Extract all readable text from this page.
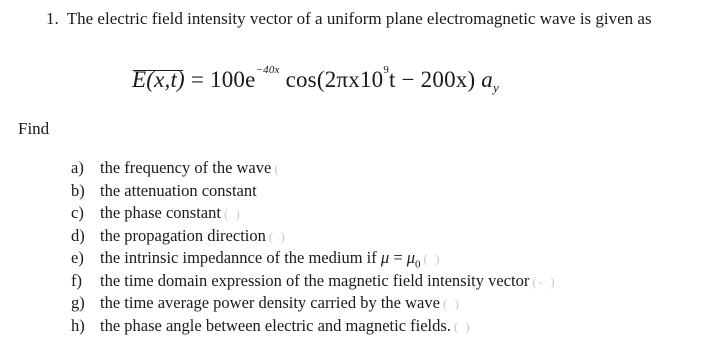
1. The electric field intensity vector of a uniform plane electromagnetic wave is given as
$E(x,t) = 100e^{-40x}$ $\cos(2\pi x10^9t - 200x)$ $a_y$
Find
a) the frequency of the wave (
b) the attenuation constant
c) the phase constant ( )
d) the propagation direction ( )
e) the intrinsic impedannce of the medium if $\mu = \mu_0$ ( )
f) the time domain expression of the magnetic field intensity vector (- )
g) the time average power density carried by the wave ( )
h) the phase angle between electric and magnetic fields. ( )
